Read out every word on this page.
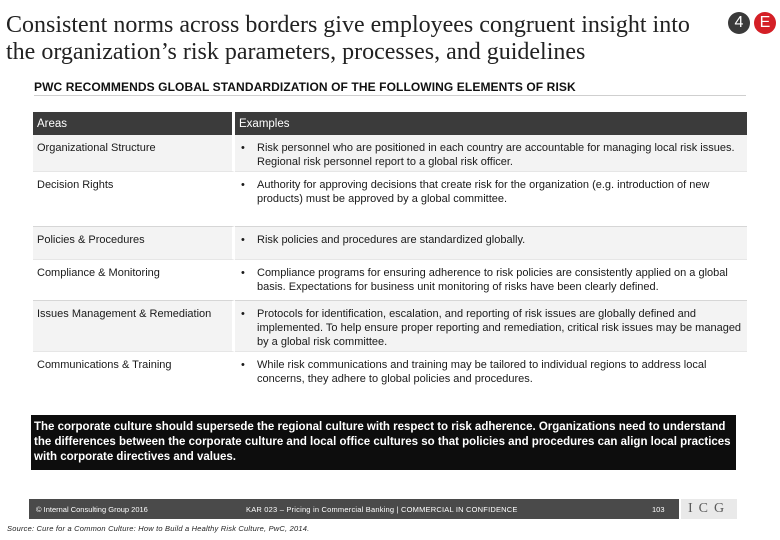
Consistent norms across borders give employees congruent insight into
the organization’s risk parameters, processes, and guidelines
4	E
PWC RECOMMENDS GLOBAL STANDARDIZATION OF THE FOLLOWING ELEMENTS OF RISK
Areas	Examples
Organizational Structure	• Risk personnel who are positioned in each country are accountable for managing local risk issues. Regional risk personnel report to a global risk officer.

Decision Rights	• Authority for approving decisions that create risk for the organization (e.g. introduction of new products) must be approved by a global committee.

Policies & Procedures	• Risk policies and procedures are standardized globally.

Compliance & Monitoring	• Compliance programs for ensuring adherence to risk policies are consistently applied on a global basis. Expectations for business unit monitoring of risks have been clearly defined.

Issues Management & Remediation	• Protocols for identification, escalation, and reporting of risk issues are globally defined and implemented. To help ensure proper reporting and remediation, critical risk issues may be managed by a global risk committee.

Communications & Training	• While risk communications and training may be tailored to individual regions to address local concerns, they adhere to global policies and procedures.
The corporate culture should supersede the regional culture with respect to risk adherence. Organizations need to understand the differences between the corporate culture and local office cultures so that policies and procedures can align local practices with corporate directives and values.
© Internal Consulting Group 2016	KAR 023 – Pricing in Commercial Banking | COMMERCIAL IN CONFIDENCE	103	ICG
Source: Cure for a Common Culture: How to Build a Healthy Risk Culture, PwC, 2014.
